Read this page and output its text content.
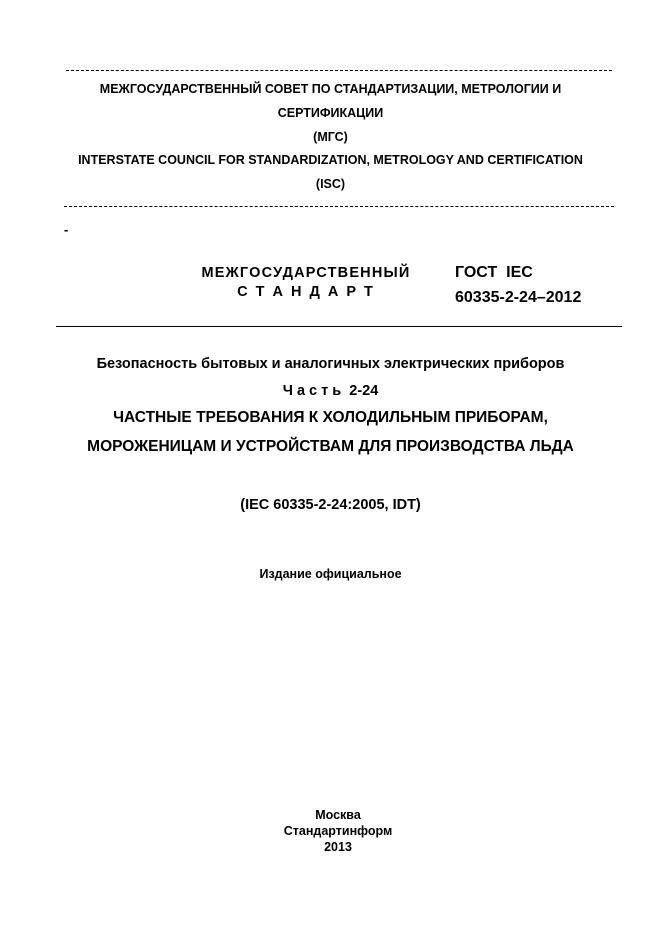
МЕЖГОСУДАРСТВЕННЫЙ СОВЕТ ПО СТАНДАРТИЗАЦИИ, МЕТРОЛОГИИ И
СЕРТИФИКАЦИИ
(МГС)
INTERSTATE COUNCIL FOR STANDARDIZATION, METROLOGY AND CERTIFICATION
(ISC)
-
МЕЖГОСУДАРСТВЕННЫЙ
С Т А Н Д А Р Т
ГОСТ  IEC
60335-2-24–2012
Безопасность бытовых и аналогичных электрических приборов
Ч а с т ь  2-24
ЧАСТНЫЕ ТРЕБОВАНИЯ К ХОЛОДИЛЬНЫМ ПРИБОРАМ,
МОРОЖЕНИЦАМ И УСТРОЙСТВАМ ДЛЯ ПРОИЗВОДСТВА ЛЬДА
(IEC 60335-2-24:2005, IDT)
Издание официальное
Москва
Стандартинформ
2013
